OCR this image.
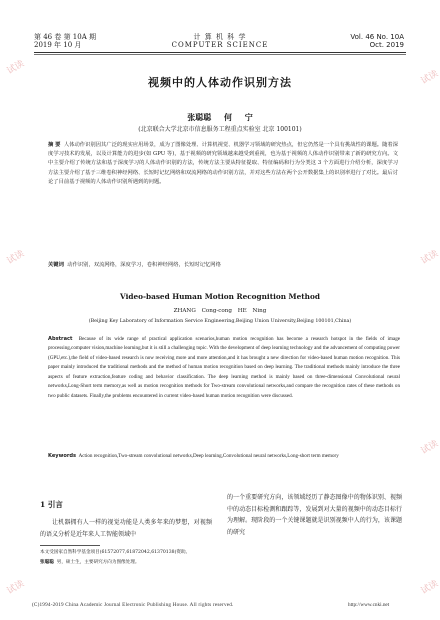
第 46 卷 第 10A 期
2019 年 10 月
计 算 机 科 学
COMPUTER SCIENCE
Vol. 46 No. 10A
Oct. 2019
视频中的人体动作识别方法
张聪聪 何 宁
(北京联合大学北京市信息服务工程重点实验室 北京 100101)
摘 要 人体动作识别因其广泛的现实应用场景，成为了图像处理、计算机视觉、机器学习领域的研究热点，但它仍然是一个具有挑战性的课题。随着深度学习技术的发展，以及计算能力的进步(如 GPU 等)，基于视频的研究领域越来越受到重视，也为基于视频的人体动作识别带来了新的研究方向。文中主要介绍了传统方法和基于深度学习的人体动作识别的方法，传统方法主要从特征提取、特征编码和行为分类这 3 个方面进行介绍分析，深度学习方法主要介绍了基于三维卷积神经网络、长短时记忆网络和双流网络的动作识别方法，并对这些方法在两个公开数据集上的识别率进行了对比。最后讨论了目前基于视频的人体动作识别所遇到的问题。
关键词 动作识别，双流网络，深度学习，卷积神经网络，长短时记忆网络
Video-based Human Motion Recognition Method
ZHANG Cong-cong HE Ning
(Beijing Key Laboratory of Information Service Engineering,Beijing Union University,Beijing 100101,China)
Abstract Because of its wide range of practical application scenarios,human motion recognition has become a research hotspot in the fields of image processing,computer vision,machine learning,but it is still a challenging topic. With the development of deep learning technology and the advancement of computing power (GPU,etc.),the field of video-based research is now receiving more and more attention,and it has brought a new direction for video-based human motion recognition. This paper mainly introduced the traditional methods and the method of human motion recognition based on deep learning. The traditional methods mainly introduce the three aspects of feature extraction,feature coding and behavior classification. The deep learning method is mainly based on three-dimensional Convolutional neural networks,Long-Short term memory,as well as motion recognition methods for Two-stream convolutional networks,and compare the recognition rates of these methods on two public datasets. Finally,the problems encountered in current video-based human motion recognition were discussed.
Keywords Action recognition,Two-stream convolutional networks,Deep learning,Convolutional neural networks,Long-short term memory
1 引言
让机器拥有人一样的视觉功能是人类多年来的梦想，对视频的语义分析是近年来人工智能领域中
的一个重要研究方向，该领域经历了静态图像中的物体识别、视频中的动态目标检测和跟踪等，发展到对大量的视频中的动态目标行为理解。现阶段的一个关键课题就是识别视频中人的行为，该课题的研究
本文受国家自然科学基金项目(61572077,61872042,61370138)资助。
张聪聪 男，硕士生，主要研究方向为图像处理。
(C)1994-2019 China Academic Journal Electronic Publishing House. All rights reserved.	http://www.cnki.net
试读
试读
试读	试读
试读
试读	试读
